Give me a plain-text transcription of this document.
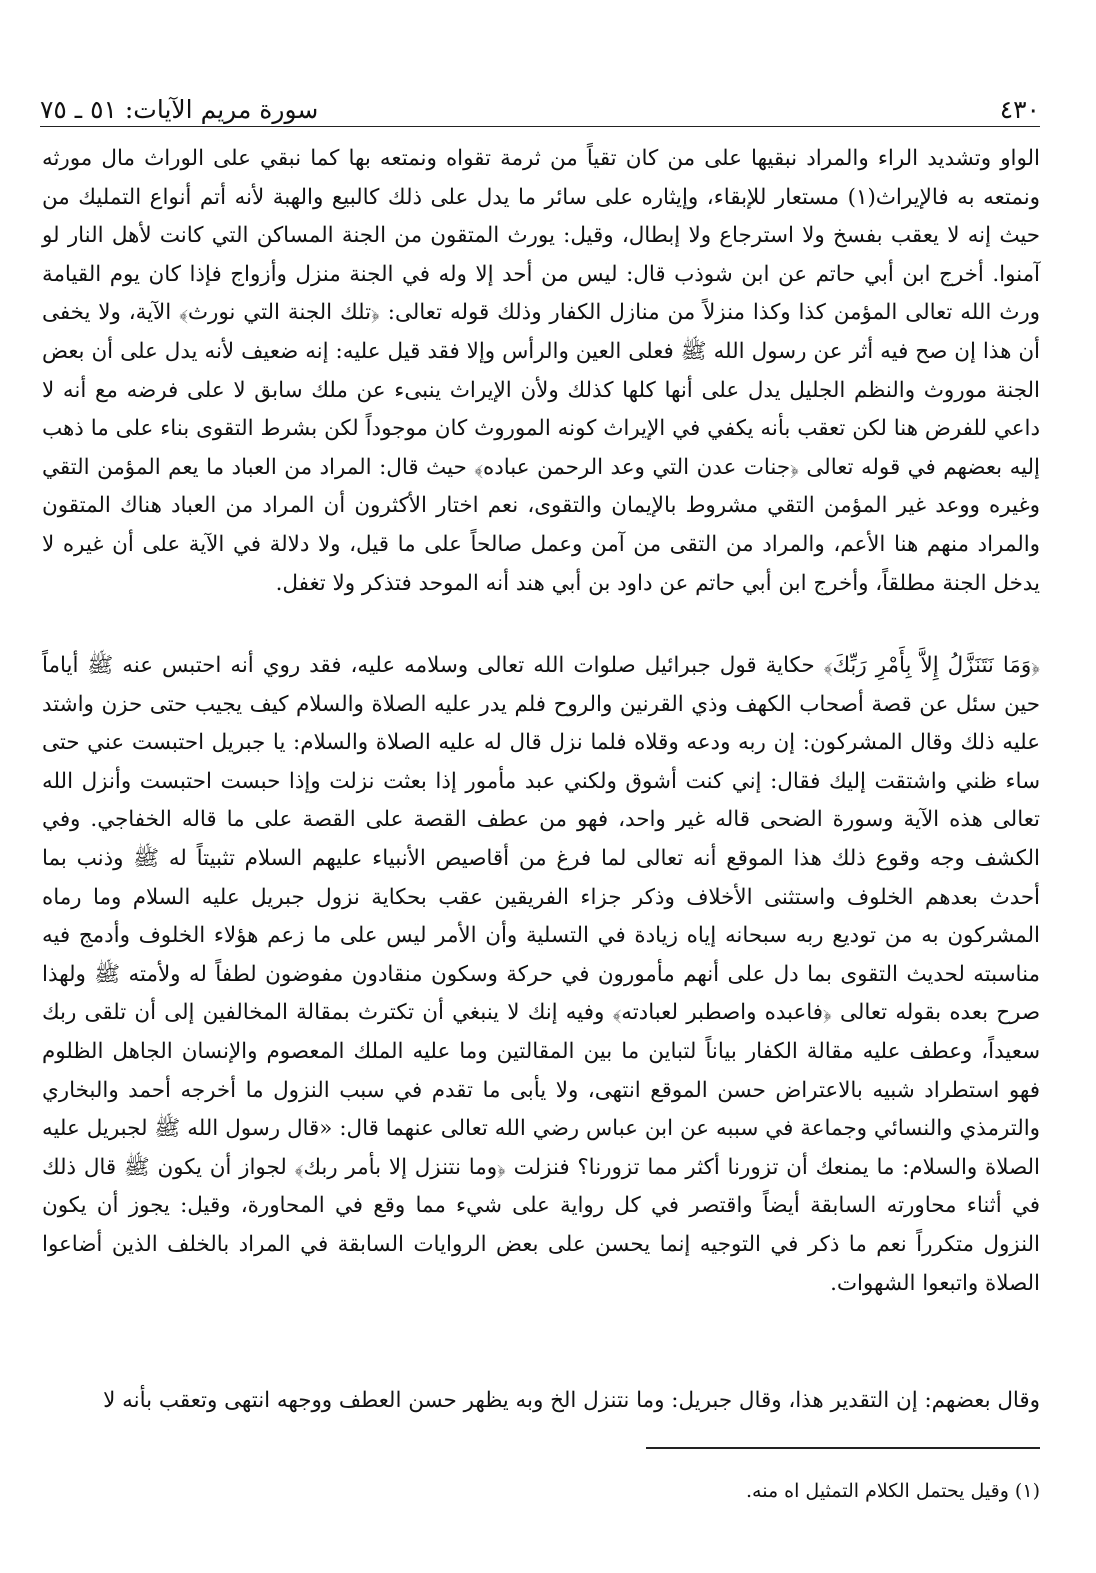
٤٣٠
سورة مريم الآيات: ٥١ ـ ٧٥

الواو وتشديد الراء والمراد نبقيها على من كان تقياً من ثرمة تقواه ونمتعه بها كما نبقي على الوراث مال مورثه ونمتعه به فالإيراث(١) مستعار للإبقاء، وإيثاره على سائر ما يدل على ذلك كالبيع والهبة لأنه أتم أنواع التمليك من حيث إنه لا يعقب بفسخ ولا استرجاع ولا إبطال، وقيل: يورث المتقون من الجنة المساكن التي كانت لأهل النار لو آمنوا. أخرج ابن أبي حاتم عن ابن شوذب قال: ليس من أحد إلا وله في الجنة منزل وأزواج فإذا كان يوم القيامة ورث الله تعالى المؤمن كذا وكذا منزلاً من منازل الكفار وذلك قوله تعالى: ﴿تلك الجنة التي نورث﴾ الآية، ولا يخفى أن هذا إن صح فيه أثر عن رسول الله ﷺ فعلى العين والرأس وإلا فقد قيل عليه: إنه ضعيف لأنه يدل على أن بعض الجنة موروث والنظم الجليل يدل على أنها كلها كذلك ولأن الإيراث ينبىء عن ملك سابق لا على فرضه مع أنه لا داعي للفرض هنا لكن تعقب بأنه يكفي في الإيراث كونه الموروث كان موجوداً لكن بشرط التقوى بناء على ما ذهب إليه بعضهم في قوله تعالى ﴿جنات عدن التي وعد الرحمن عباده﴾ حيث قال: المراد من العباد ما يعم المؤمن التقي وغيره ووعد غير المؤمن التقي مشروط بالإيمان والتقوى، نعم اختار الأكثرون أن المراد من العباد هناك المتقون والمراد منهم هنا الأعم، والمراد من التقى من آمن وعمل صالحاً على ما قيل، ولا دلالة في الآية على أن غيره لا يدخل الجنة مطلقاً، وأخرج ابن أبي حاتم عن داود بن أبي هند أنه الموحد فتذكر ولا تغفل.

﴿وَمَا نَتَنَزَّلُ إِلاَّ بِأَمْرِ رَبِّكَ﴾ حكاية قول جبرائيل صلوات الله تعالى وسلامه عليه، فقد روي أنه احتبس عنه ﷺ أياماً حين سئل عن قصة أصحاب الكهف وذي القرنين والروح فلم يدر عليه الصلاة والسلام كيف يجيب حتى حزن واشتد عليه ذلك وقال المشركون: إن ربه ودعه وقلاه فلما نزل قال له عليه الصلاة والسلام: يا جبريل احتبست عني حتى ساء ظني واشتقت إليك فقال: إني كنت أشوق ولكني عبد مأمور إذا بعثت نزلت وإذا حبست احتبست وأنزل الله تعالى هذه الآية وسورة الضحى قاله غير واحد، فهو من عطف القصة على القصة على ما قاله الخفاجي. وفي الكشف وجه وقوع ذلك هذا الموقع أنه تعالى لما فرغ من أقاصيص الأنبياء عليهم السلام تثبيتاً له ﷺ وذنب بما أحدث بعدهم الخلوف واستثنى الأخلاف وذكر جزاء الفريقين عقب بحكاية نزول جبريل عليه السلام وما رماه المشركون به من توديع ربه سبحانه إياه زيادة في التسلية وأن الأمر ليس على ما زعم هؤلاء الخلوف وأدمج فيه مناسبته لحديث التقوى بما دل على أنهم مأمورون في حركة وسكون منقادون مفوضون لطفاً له ولأمته ﷺ ولهذا صرح بعده بقوله تعالى ﴿فاعبده واصطبر لعبادته﴾ وفيه إنك لا ينبغي أن تكترث بمقالة المخالفين إلى أن تلقى ربك سعيداً، وعطف عليه مقالة الكفار بياناً لتباين ما بين المقالتين وما عليه الملك المعصوم والإنسان الجاهل الظلوم فهو استطراد شبيه بالاعتراض حسن الموقع انتهى، ولا يأبى ما تقدم في سبب النزول ما أخرجه أحمد والبخاري والترمذي والنسائي وجماعة في سببه عن ابن عباس رضي الله تعالى عنهما قال: «قال رسول الله ﷺ لجبريل عليه الصلاة والسلام: ما يمنعك أن تزورنا أكثر مما تزورنا؟ فنزلت ﴿وما نتنزل إلا بأمر ربك﴾ لجواز أن يكون ﷺ قال ذلك في أثناء محاورته السابقة أيضاً واقتصر في كل رواية على شيء مما وقع في المحاورة، وقيل: يجوز أن يكون النزول متكرراً نعم ما ذكر في التوجيه إنما يحسن على بعض الروايات السابقة في المراد بالخلف الذين أضاعوا الصلاة واتبعوا الشهوات.

وقال بعضهم: إن التقدير هذا، وقال جبريل: وما نتنزل الخ وبه يظهر حسن العطف ووجهه انتهى وتعقب بأنه لا

(١) وقيل يحتمل الكلام التمثيل اه منه.
